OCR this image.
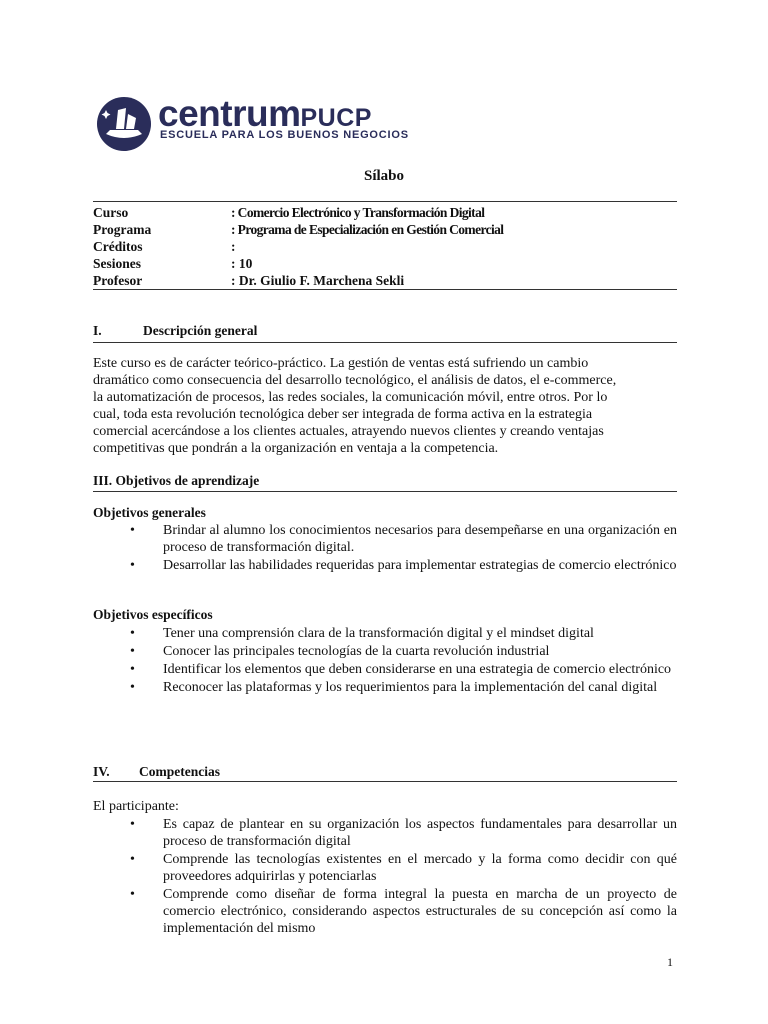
centrumPUCP
ESCUELA PARA LOS BUENOS NEGOCIOS
Sílabo
Curso	: Comercio Electrónico y Transformación Digital
Programa	: Programa de Especialización en Gestión Comercial
Créditos	:
Sesiones	: 10
Profesor	: Dr. Giulio F. Marchena Sekli
I.	Descripción general
Este curso es de carácter teórico-práctico. La gestión de ventas está sufriendo un cambio
dramático como consecuencia del desarrollo tecnológico, el análisis de datos, el e-commerce,
la automatización de procesos, las redes sociales, la comunicación móvil, entre otros. Por lo
cual, toda esta revolución tecnológica deber ser integrada de forma activa en la estrategia
comercial acercándose a los clientes actuales, atrayendo nuevos clientes y creando ventajas
competitivas que pondrán a la organización en ventaja a la competencia.
III. Objetivos de aprendizaje
Objetivos generales
• Brindar al alumno los conocimientos necesarios para desempeñarse en una organización en proceso de transformación digital.
• Desarrollar las habilidades requeridas para implementar estrategias de comercio electrónico
Objetivos específicos
• Tener una comprensión clara de la transformación digital y el mindset digital
• Conocer las principales tecnologías de la cuarta revolución industrial
• Identificar los elementos que deben considerarse en una estrategia de comercio electrónico
• Reconocer las plataformas y los requerimientos para la implementación del canal digital
IV. Competencias
El participante:
• Es capaz de plantear en su organización los aspectos fundamentales para desarrollar un proceso de transformación digital
• Comprende las tecnologías existentes en el mercado y la forma como decidir con qué proveedores adquirirlas y potenciarlas
• Comprende como diseñar de forma integral la puesta en marcha de un proyecto de comercio electrónico, considerando aspectos estructurales de su concepción así como la implementación del mismo
1
